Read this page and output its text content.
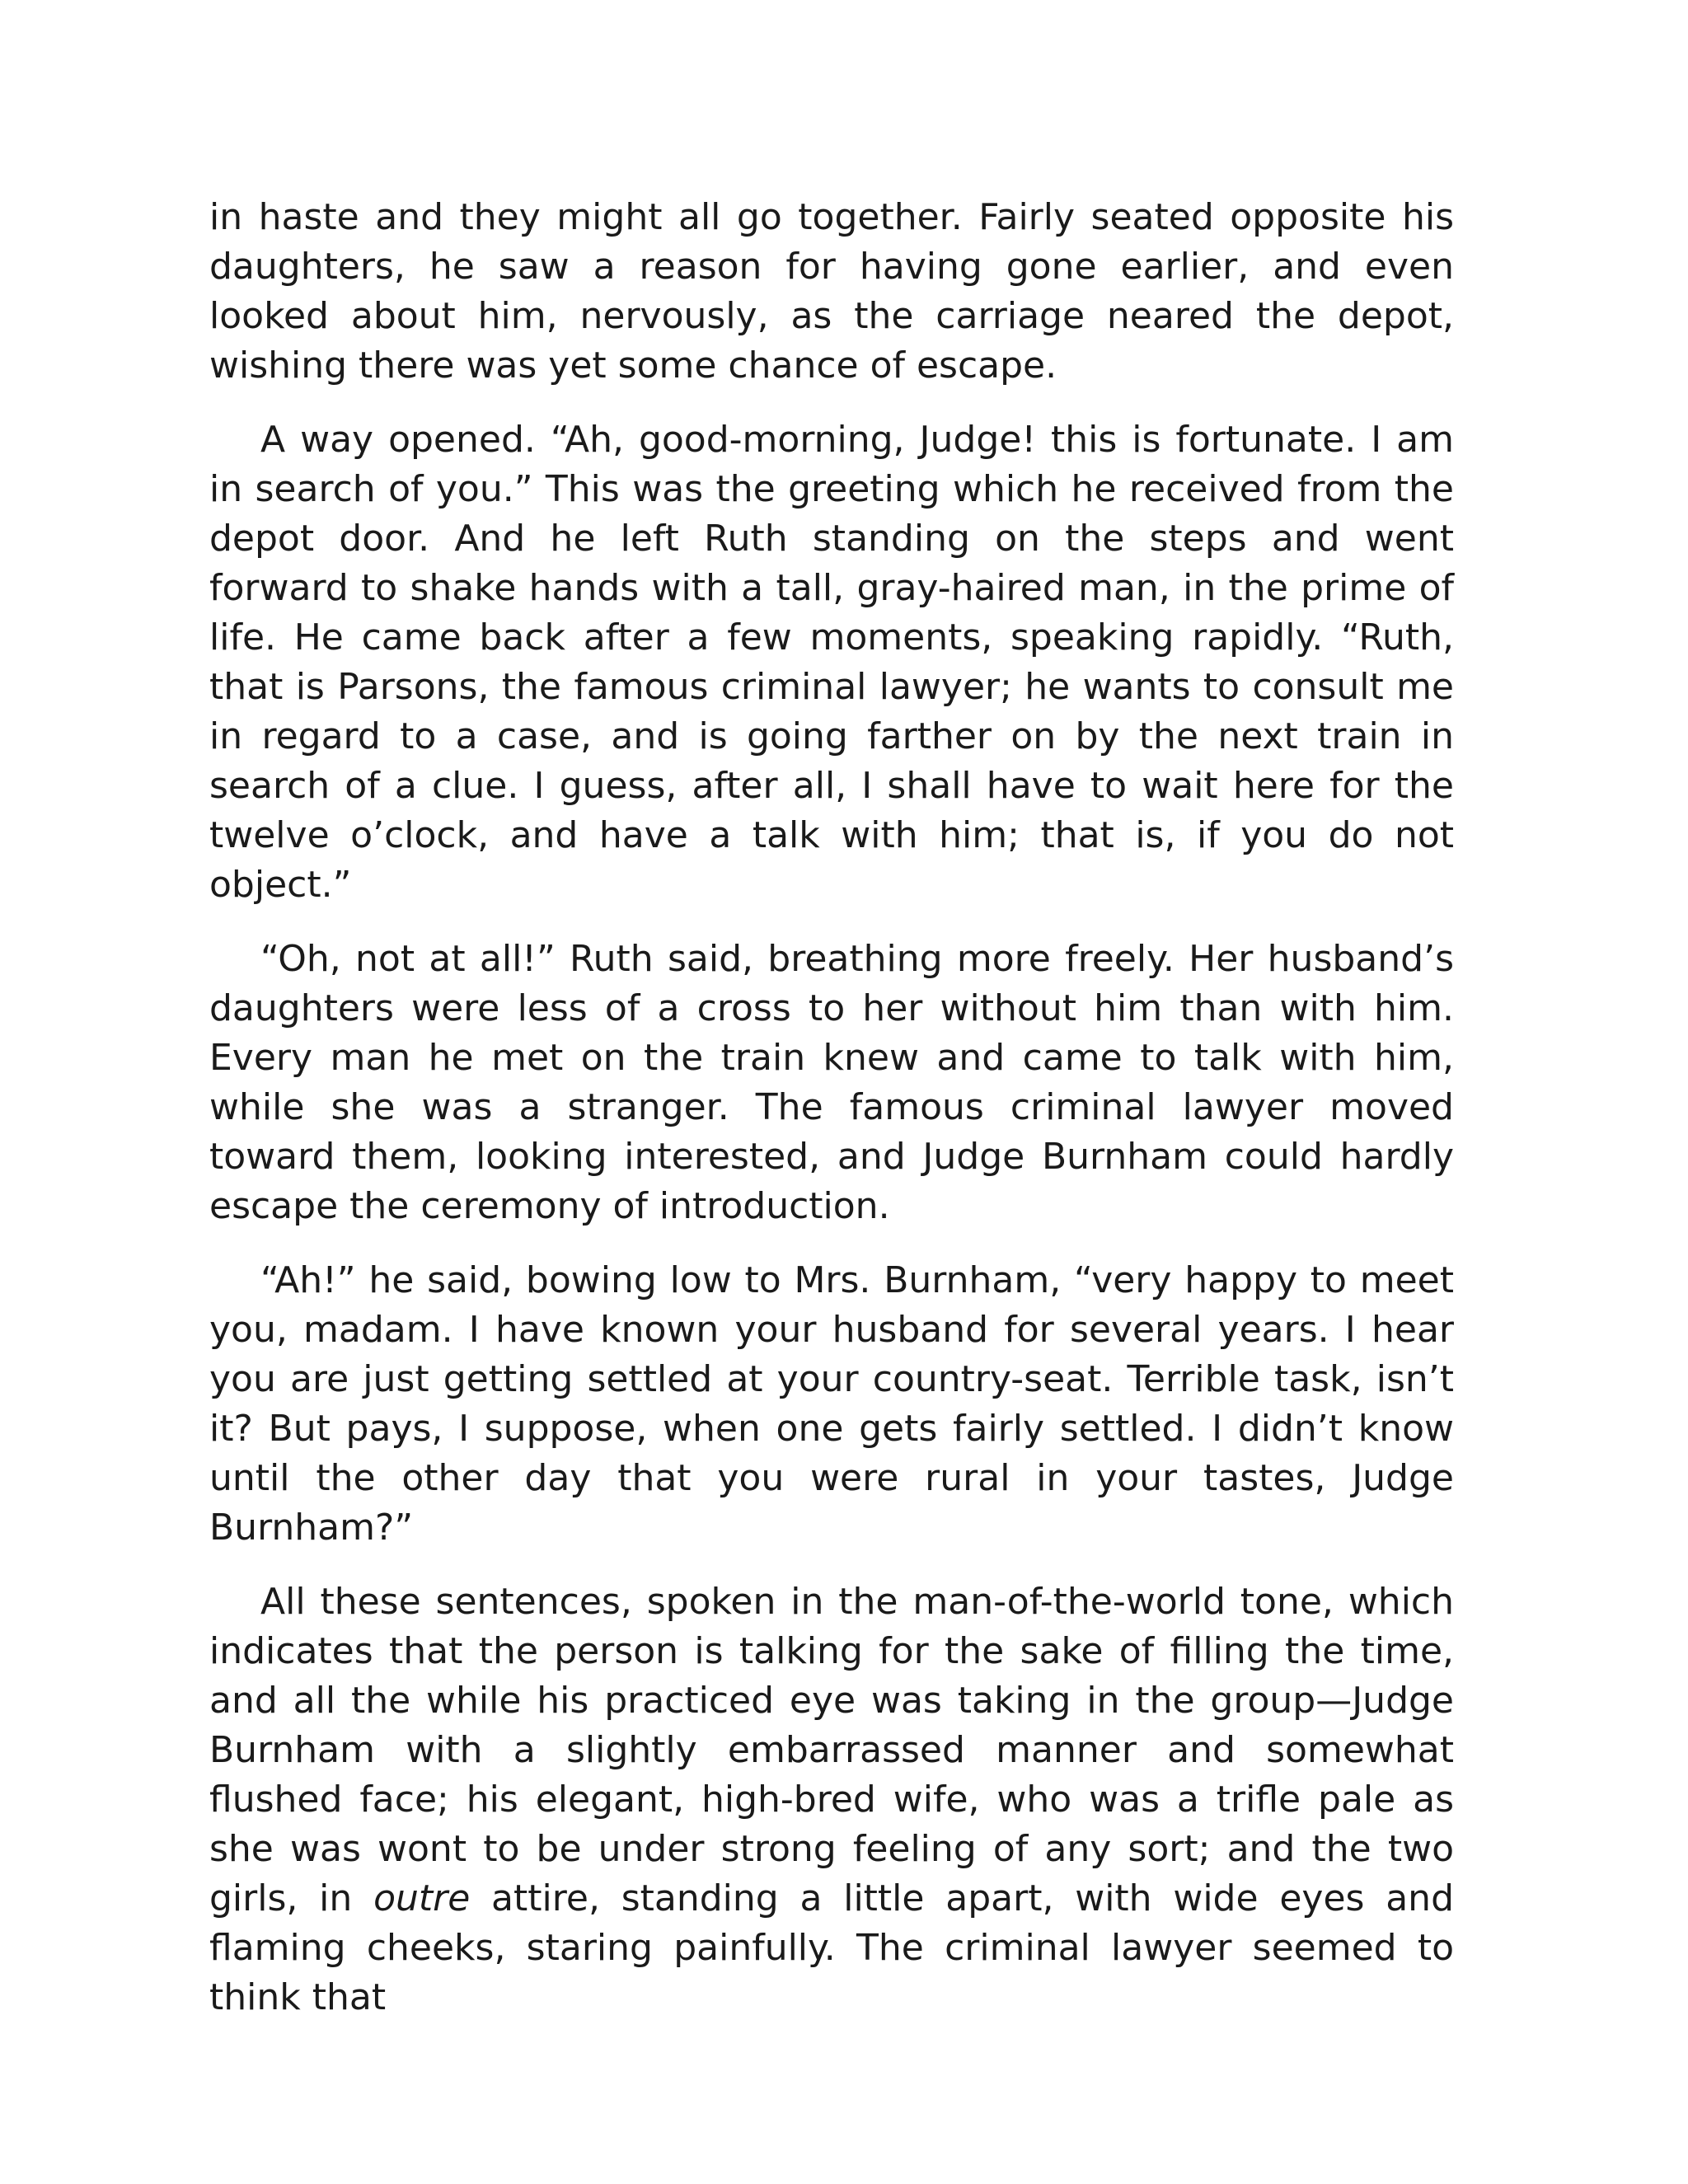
in haste and they might all go together. Fairly seated opposite his daughters, he saw a reason for having gone earlier, and even looked about him, nervously, as the carriage neared the depot, wishing there was yet some chance of escape.

A way opened. “Ah, good-morning, Judge! this is fortunate. I am in search of you.” This was the greeting which he received from the depot door. And he left Ruth standing on the steps and went forward to shake hands with a tall, gray-haired man, in the prime of life. He came back after a few moments, speaking rapidly. “Ruth, that is Parsons, the famous criminal lawyer; he wants to consult me in regard to a case, and is going farther on by the next train in search of a clue. I guess, after all, I shall have to wait here for the twelve o’clock, and have a talk with him; that is, if you do not object.”

“Oh, not at all!” Ruth said, breathing more freely. Her husband’s daughters were less of a cross to her without him than with him. Every man he met on the train knew and came to talk with him, while she was a stranger. The famous criminal lawyer moved toward them, looking interested, and Judge Burnham could hardly escape the ceremony of introduction.

“Ah!” he said, bowing low to Mrs. Burnham, “very happy to meet you, madam. I have known your husband for several years. I hear you are just getting settled at your country-seat. Terrible task, isn’t it? But pays, I suppose, when one gets fairly settled. I didn’t know until the other day that you were rural in your tastes, Judge Burnham?”

All these sentences, spoken in the man-of-the-world tone, which indicates that the person is talking for the sake of filling the time, and all the while his practiced eye was taking in the group—Judge Burnham with a slightly embarrassed manner and somewhat flushed face; his elegant, high-bred wife, who was a trifle pale as she was wont to be under strong feeling of any sort; and the two girls, in outre attire, standing a little apart, with wide eyes and flaming cheeks, staring painfully. The criminal lawyer seemed to think that
